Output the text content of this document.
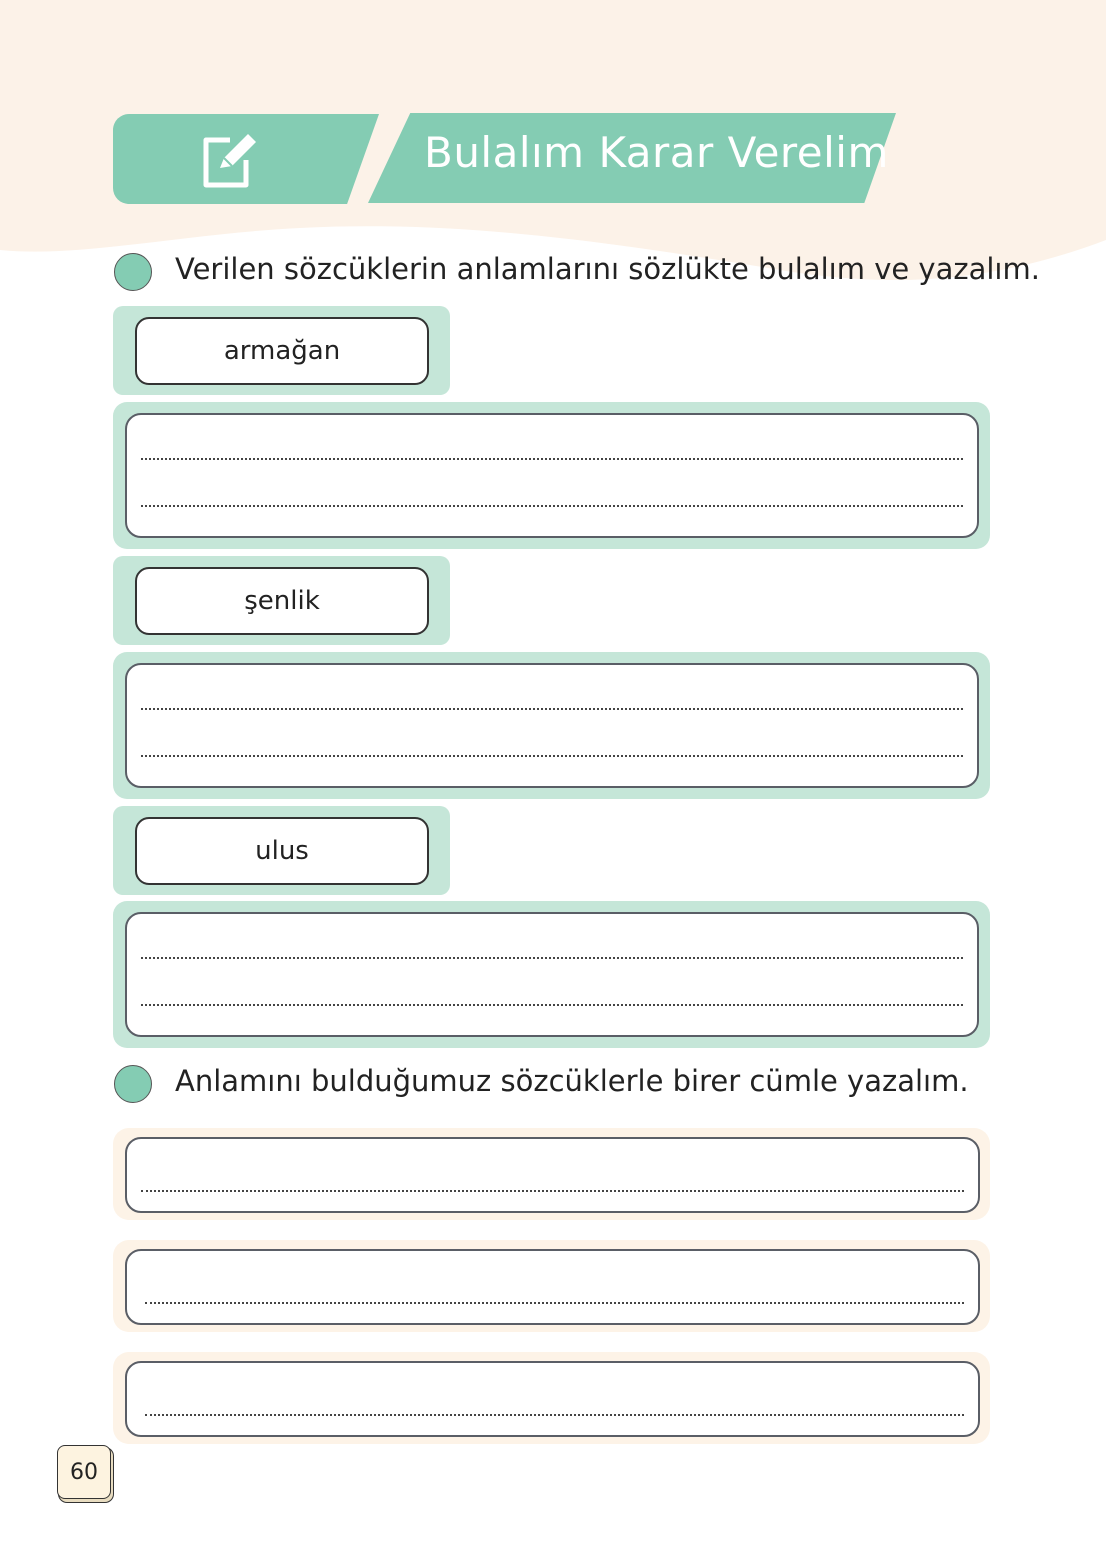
Bulalım Karar Verelim
Verilen sözcüklerin anlamlarını sözlükte bulalım ve yazalım.
armağan
şenlik
ulus
Anlamını bulduğumuz sözcüklerle birer cümle yazalım.
60
